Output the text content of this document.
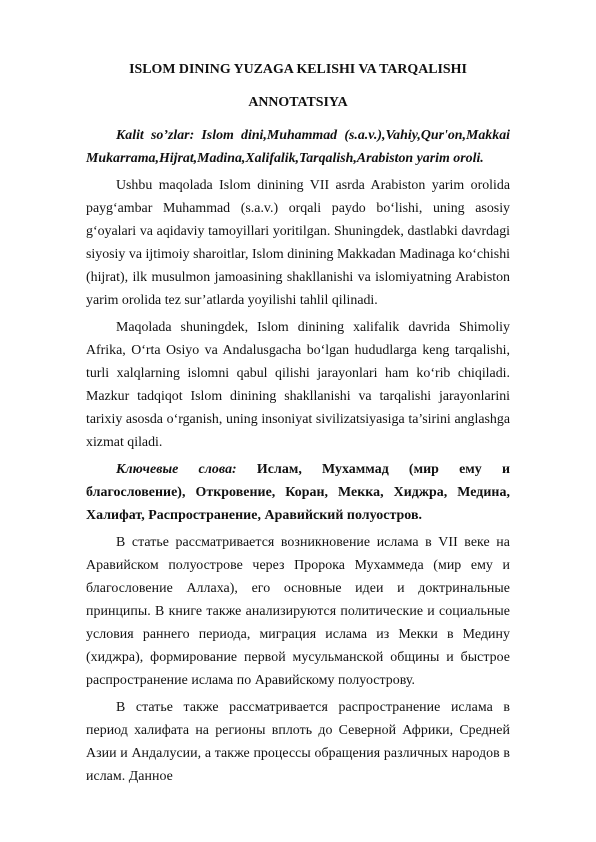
ISLOM DINING YUZAGA KELISHI VA TARQALISHI
ANNOTATSIYA

Kalit so’zlar: Islom dini,Muhammad (s.a.v.),Vahiy,Qur'on,Makkai Mukarrama,Hijrat,Madina,Xalifalik,Tarqalish,Arabiston yarim oroli.

Ushbu maqolada Islom dinining VII asrda Arabiston yarim orolida payg‘ambar Muhammad (s.a.v.) orqali paydo bo‘lishi, uning asosiy g‘oyalari va aqidaviy tamoyillari yoritilgan. Shuningdek, dastlabki davrdagi siyosiy va ijtimoiy sharoitlar, Islom dinining Makkadan Madinaga ko‘chishi (hijrat), ilk musulmon jamoasining shakllanishi va islomiyatning Arabiston yarim orolida tez sur’atlarda yoyilishi tahlil qilinadi.

Maqolada shuningdek, Islom dinining xalifalik davrida Shimoliy Afrika, O‘rta Osiyo va Andalusgacha bo‘lgan hududlarga keng tarqalishi, turli xalqlarning islomni qabul qilishi jarayonlari ham ko‘rib chiqiladi. Mazkur tadqiqot Islom dinining shakllanishi va tarqalishi jarayonlarini tarixiy asosda o‘rganish, uning insoniyat sivilizatsiyasiga ta’sirini anglashga xizmat qiladi.

Ключевые слова: Ислам, Мухаммад (мир ему и благословение), Откровение, Коран, Мекка, Хиджра, Медина, Халифат, Распространение, Аравийский полуостров.

В статье рассматривается возникновение ислама в VII веке на Аравийском полуострове через Пророка Мухаммеда (мир ему и благословение Аллаха), его основные идеи и доктринальные принципы. В книге также анализируются политические и социальные условия раннего периода, миграция ислама из Мекки в Медину (хиджра), формирование первой мусульманской общины и быстрое распространение ислама по Аравийскому полуострову.

В статье также рассматривается распространение ислама в период халифата на регионы вплоть до Северной Африки, Средней Азии и Андалусии, а также процессы обращения различных народов в ислам. Данное
